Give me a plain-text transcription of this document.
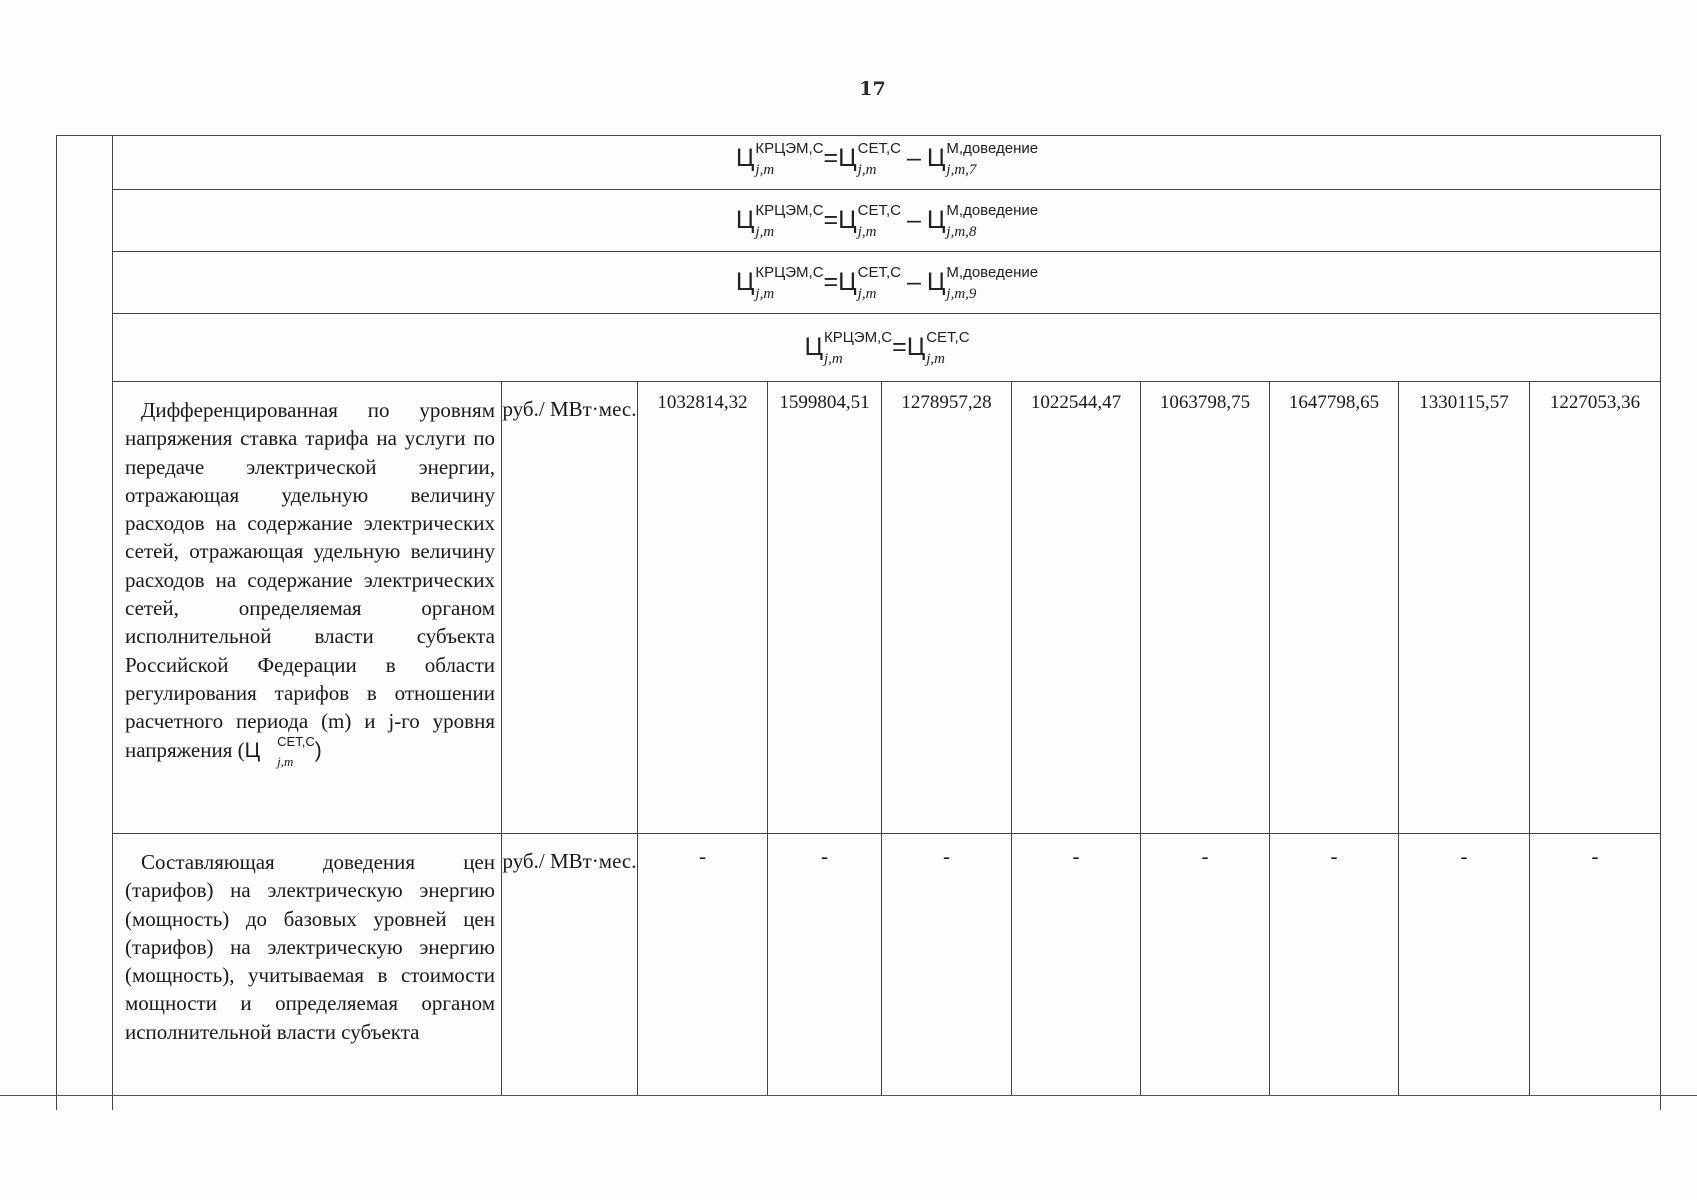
17
Ц КРЦЭМ,C
j,m	= Ц СЕТ,C
j,m	– Ц М,доведение
j,m,7
Ц КРЦЭМ,C
j,m	= Ц СЕТ,C
j,m	– Ц М,доведение
j,m,8
Ц КРЦЭМ,C
j,m	= Ц СЕТ,C
j,m	– Ц М,доведение
j,m,9
Ц КРЦЭМ,C
j,m	= Ц СЕТ,C
j,m
Дифференцированная по уровням напряжения ставка тарифа на услуги по передаче электрической энергии, отражающая удельную величину расходов на содержание электрических сетей, отражающая удельную величину расходов на содержание электрических сетей, определяемая органом исполнительной власти субъекта Российской Федерации в области регулирования тарифов в отношении расчетного периода (m) и j-го уровня напряжения (Ц	СЕТ,C
j,m	)
руб./ МВт·мес.	1032814,32	1599804,51	1278957,28	1022544,47	1063798,75	1647798,65	1330115,57	1227053,36
Составляющая доведения цен (тарифов) на электрическую энергию (мощность) до базовых уровней цен (тарифов) на электрическую энергию (мощность), учитываемая в стоимости мощности и определяемая органом исполнительной власти субъекта
руб./ МВт·мес.	-	-	-	-	-	-	-	-
